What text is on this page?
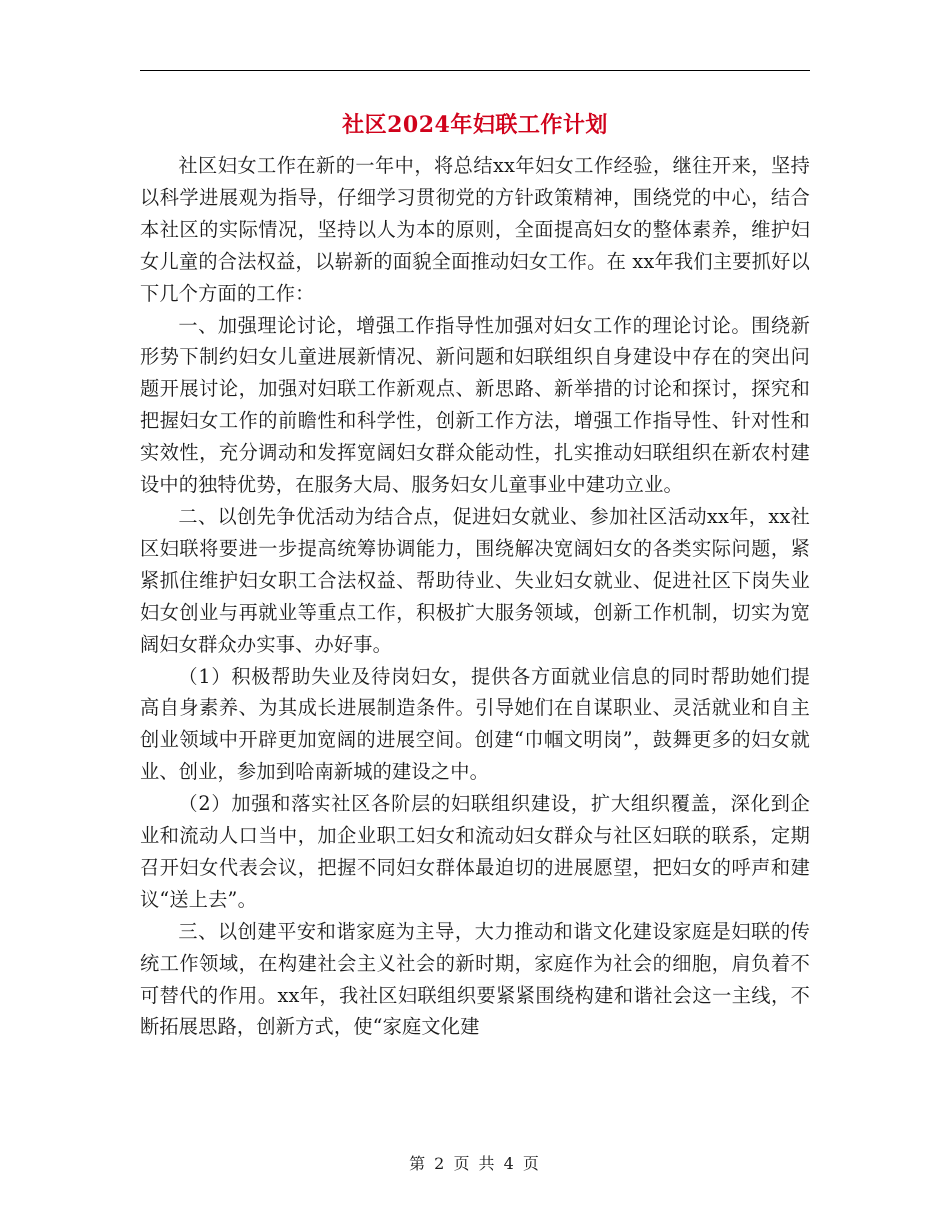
社区2024年妇联工作计划

社区妇女工作在新的一年中，将总结xx年妇女工作经验，继往开来，坚持以科学进展观为指导，仔细学习贯彻党的方针政策精神，围绕党的中心，结合本社区的实际情况，坚持以人为本的原则，全面提高妇女的整体素养，维护妇女儿童的合法权益，以崭新的面貌全面推动妇女工作。在 xx年我们主要抓好以下几个方面的工作：

一、加强理论讨论，增强工作指导性加强对妇女工作的理论讨论。围绕新形势下制约妇女儿童进展新情况、新问题和妇联组织自身建设中存在的突出问题开展讨论，加强对妇联工作新观点、新思路、新举措的讨论和探讨，探究和把握妇女工作的前瞻性和科学性，创新工作方法，增强工作指导性、针对性和实效性，充分调动和发挥宽阔妇女群众能动性，扎实推动妇联组织在新农村建设中的独特优势，在服务大局、服务妇女儿童事业中建功立业。

二、以创先争优活动为结合点，促进妇女就业、参加社区活动xx年，xx社区妇联将要进一步提高统筹协调能力，围绕解决宽阔妇女的各类实际问题，紧紧抓住维护妇女职工合法权益、帮助待业、失业妇女就业、促进社区下岗失业妇女创业与再就业等重点工作，积极扩大服务领域，创新工作机制，切实为宽阔妇女群众办实事、办好事。

（1）积极帮助失业及待岗妇女，提供各方面就业信息的同时帮助她们提高自身素养、为其成长进展制造条件。引导她们在自谋职业、灵活就业和自主创业领域中开辟更加宽阔的进展空间。创建“巾帼文明岗”，鼓舞更多的妇女就业、创业，参加到哈南新城的建设之中。

（2）加强和落实社区各阶层的妇联组织建设，扩大组织覆盖，深化到企业和流动人口当中，加企业职工妇女和流动妇女群众与社区妇联的联系，定期召开妇女代表会议，把握不同妇女群体最迫切的进展愿望，把妇女的呼声和建议“送上去”。

三、以创建平安和谐家庭为主导，大力推动和谐文化建设家庭是妇联的传统工作领域，在构建社会主义社会的新时期，家庭作为社会的细胞，肩负着不可替代的作用。xx年，我社区妇联组织要紧紧围绕构建和谐社会这一主线，不断拓展思路，创新方式，使“家庭文化建

第 2 页 共 4 页
